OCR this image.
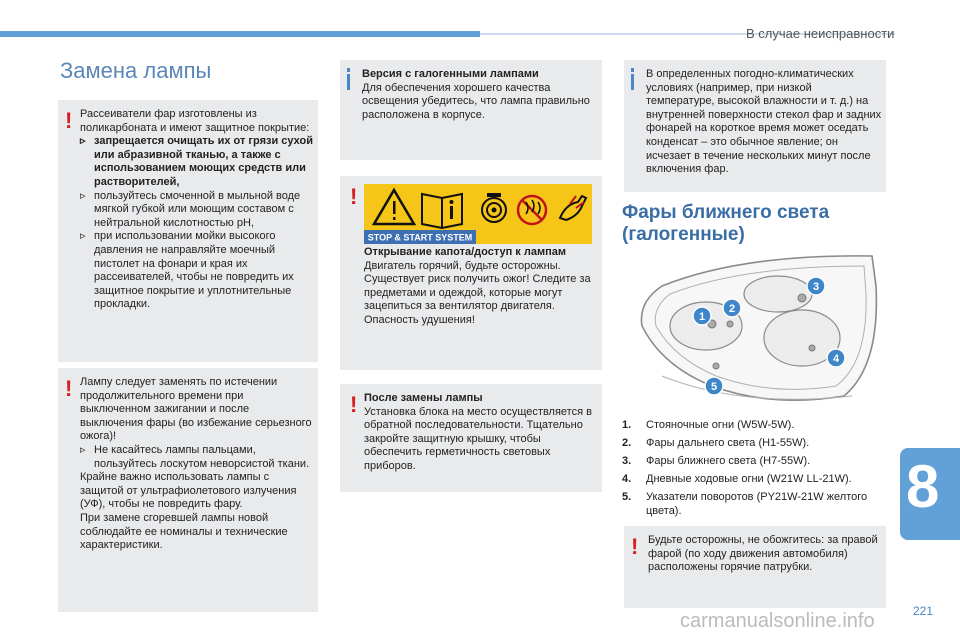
В случае неисправности
Замена лампы
! Рассеиватели фар изготовлены из поликарбоната и имеют защитное покрытие:
▹ запрещается очищать их от грязи сухой или абразивной тканью, а также с использованием моющих средств или растворителей,
▹ пользуйтесь смоченной в мыльной воде мягкой губкой или моющим составом с нейтральной кислотностью pH,
▹ при использовании мойки высокого давления не направляйте моечный пистолет на фонари и края их рассеивателей, чтобы не повредить их защитное покрытие и уплотнительные прокладки.
! Лампу следует заменять по истечении продолжительного времени при выключенном зажигании и после выключения фары (во избежание серьезного ожога)!
▹ Не касайтесь лампы пальцами, пользуйтесь лоскутом неворсистой ткани.
Крайне важно использовать лампы с защитой от ультрафиолетового излучения (УФ), чтобы не повредить фару.
При замене сгоревшей лампы новой соблюдайте ее номиналы и технические характеристики.
Версия с галогенными лампами
Для обеспечения хорошего качества освещения убедитесь, что лампа правильно расположена в корпусе.
!
STOP & START SYSTEM
Открывание капота/доступ к лампам
Двигатель горячий, будьте осторожны. Существует риск получить ожог! Следите за предметами и одеждой, которые могут зацепиться за вентилятор двигателя. Опасность удушения!
! После замены лампы
Установка блока на место осуществляется в обратной последовательности. Тщательно закройте защитную крышку, чтобы обеспечить герметичность световых приборов.
В определенных погодно-климатических условиях (например, при низкой температуре, высокой влажности и т. д.) на внутренней поверхности стекол фар и задних фонарей на короткое время может оседать конденсат – это обычное явление; он исчезает в течение нескольких минут после включения фар.
Фары ближнего света
(галогенные)
1
2
3
4
5
1.	Стояночные огни (W5W-5W).
2.	Фары дальнего света (H1-55W).
3.	Фары ближнего света (H7-55W).
4.	Дневные ходовые огни (W21W LL-21W).
5.	Указатели поворотов (PY21W-21W желтого цвета).
! Будьте осторожны, не обожгитесь: за правой фарой (по ходу движения автомобиля) расположены горячие патрубки.
8
carmanualsonline.info	221
